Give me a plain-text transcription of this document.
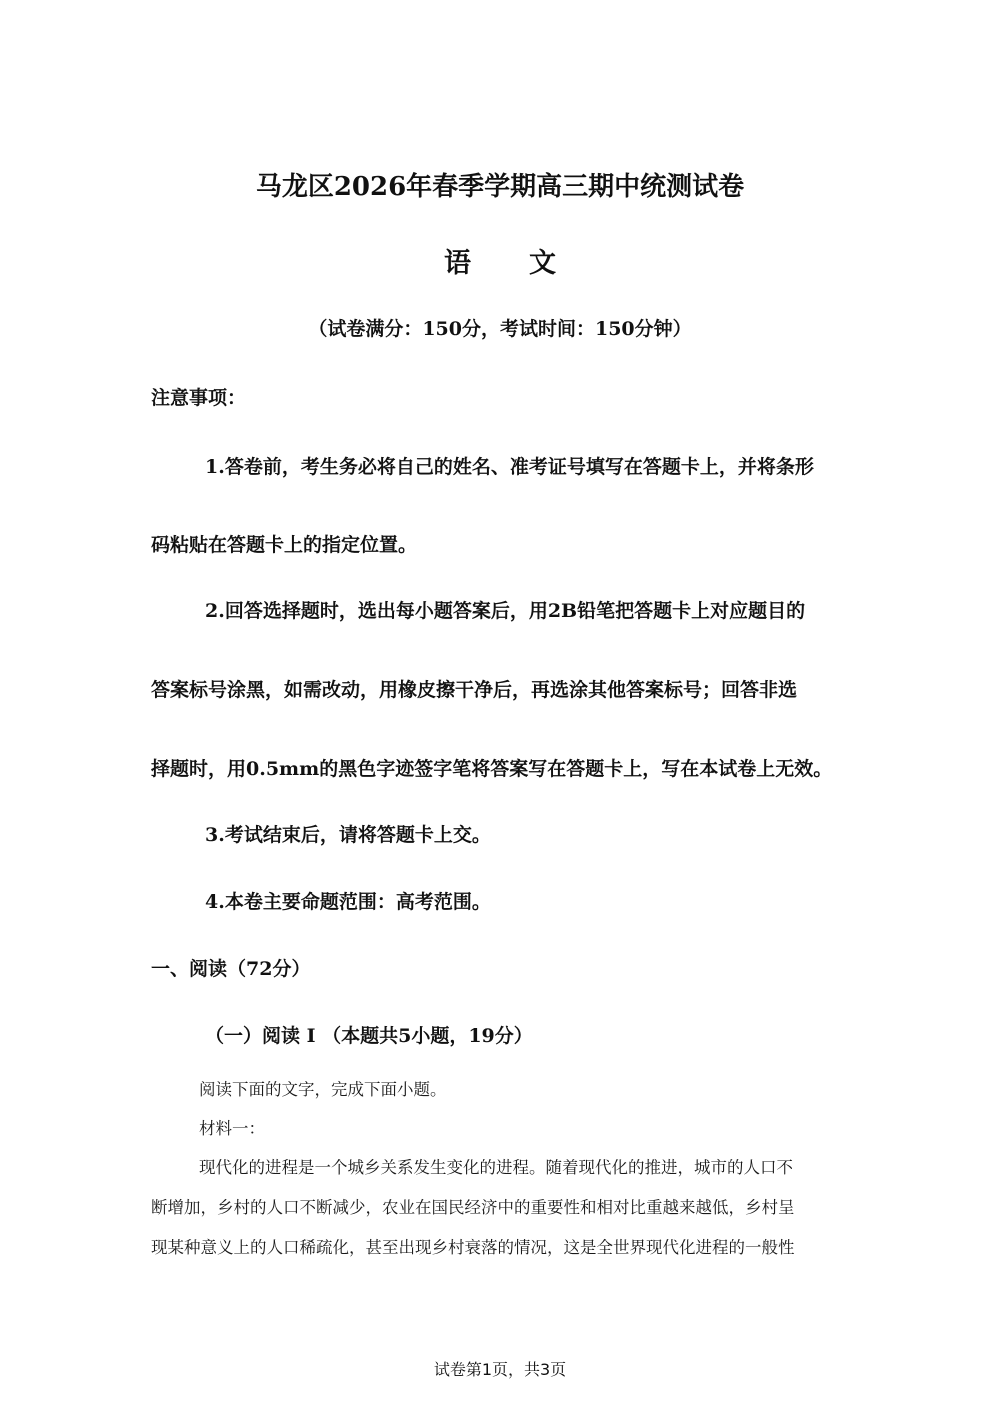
马龙区2026年春季学期高三期中统测试卷
语 文
（试卷满分：150分，考试时间：150分钟）
注意事项：
1.答卷前，考生务必将自己的姓名、准考证号填写在答题卡上，并将条形
码粘贴在答题卡上的指定位置。
2.回答选择题时，选出每小题答案后，用2B铅笔把答题卡上对应题目的
答案标号涂黑，如需改动，用橡皮擦干净后，再选涂其他答案标号；回答非选
择题时，用0.5mm的黑色字迹签字笔将答案写在答题卡上，写在本试卷上无效。
3.考试结束后，请将答题卡上交。
4.本卷主要命题范围：高考范围。
一、阅读（72分）
（一）阅读 I （本题共5小题，19分）
阅读下面的文字，完成下面小题。
材料一：
现代化的进程是一个城乡关系发生变化的进程。随着现代化的推进，城市的人口不
断增加，乡村的人口不断减少，农业在国民经济中的重要性和相对比重越来越低，乡村呈
现某种意义上的人口稀疏化，甚至出现乡村衰落的情况，这是全世界现代化进程的一般性
试卷第1页，共3页
